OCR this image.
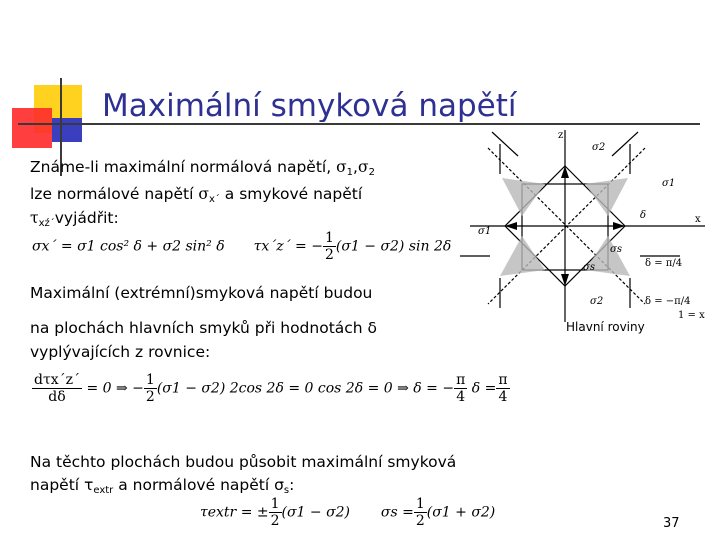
Maximální smyková napětí
Známe-li maximální normálová napětí, $\sigma_1,\sigma_2$
lze normálové napětí $\sigma_{x´}$ a smykové napětí
τxź´vyjádřit:
σx´ = σ1 cos² δ + σ2 sin² δ τx´z´ = − $\frac{1}{2} (\sigma 1 - \sigma 2)$ sin 2δ
Maximální (extrémní)smyková napětí budou
na plochách hlavních smyků při hodnotách δ
vyplývajících z rovnice:
$\frac{\text{dτx´z´}}{d\delta} = 0$ ⇒ − $\frac{1}{2} (\sigma 1 - \sigma 2)$ 2cos 2δ = 0 cos 2δ = 0 ⇒ δ = − $\frac{\pi}{4}$ $\delta = \frac{\pi}{4}$
Na těchto plochách budou působit maximální smyková
napětí $\tau_{extr}$ a normálové napětí $\sigma_s$:
τextr = ± $\frac{1}{2} (\sigma 1 - \sigma 2) \sigma s = \frac{1}{2} (\sigma 1 + \sigma 2)$
σ2
σ1
σ1
σ2
δ
σs
σs	δ = π/4
δ = −π/4
1 = x
z
x
Hlavní roviny
37
